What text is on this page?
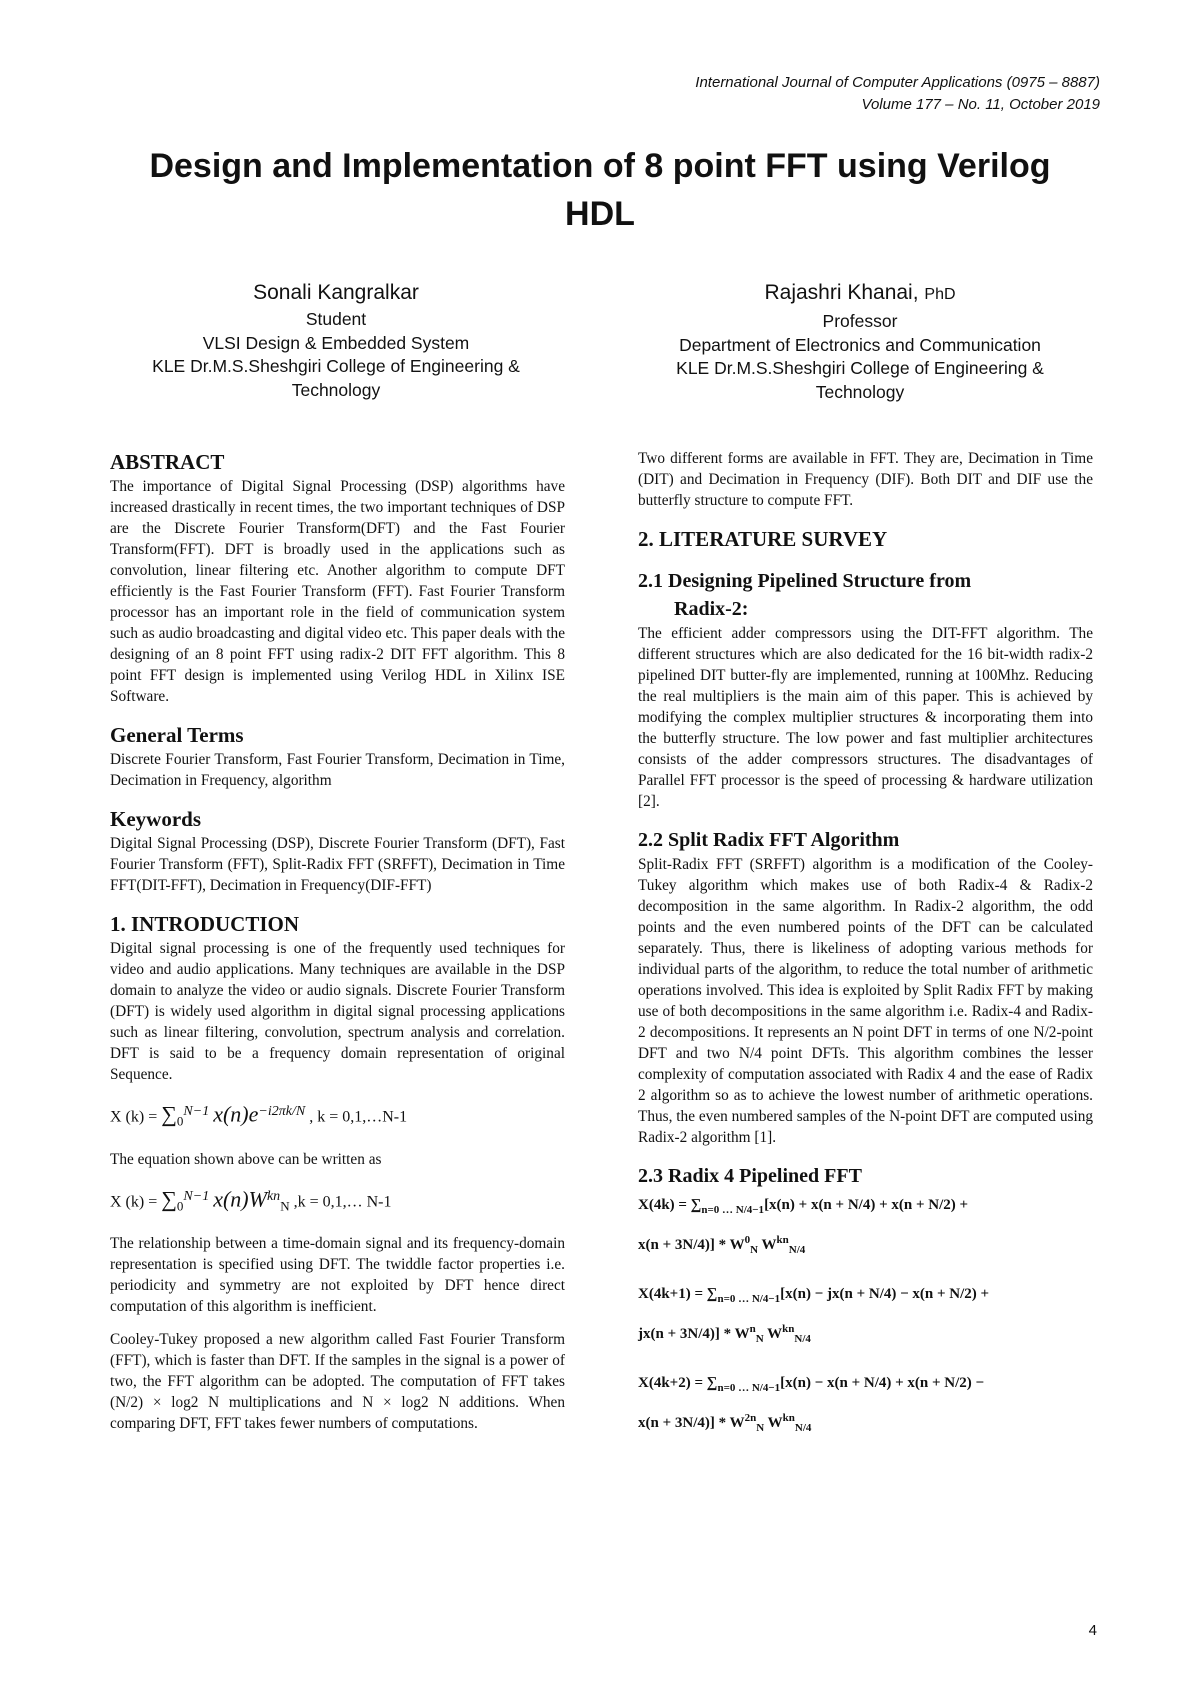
International Journal of Computer Applications (0975 – 8887)
Volume 177 – No. 11, October 2019
Design and Implementation of 8 point FFT using Verilog
HDL
Sonali Kangralkar
Student
VLSI Design & Embedded System
KLE Dr.M.S.Sheshgiri College of Engineering &
Technology
Rajashri Khanai, PhD
Professor
Department of Electronics and Communication
KLE Dr.M.S.Sheshgiri College of Engineering &
Technology
ABSTRACT

The importance of Digital Signal Processing (DSP) algorithms have increased drastically in recent times, the two important techniques of DSP are the Discrete Fourier Transform(DFT) and the Fast Fourier Transform(FFT). DFT is broadly used in the applications such as convolution, linear filtering etc. Another algorithm to compute DFT efficiently is the Fast Fourier Transform (FFT). Fast Fourier Transform processor has an important role in the field of communication system such as audio broadcasting and digital video etc. This paper deals with the designing of an 8 point FFT using radix-2 DIT FFT algorithm. This 8 point FFT design is implemented using Verilog HDL in Xilinx ISE Software.

General Terms

Discrete Fourier Transform, Fast Fourier Transform, Decimation in Time, Decimation in Frequency, algorithm

Keywords

Digital Signal Processing (DSP), Discrete Fourier Transform (DFT), Fast Fourier Transform (FFT), Split-Radix FFT (SRFFT), Decimation in Time FFT(DIT-FFT), Decimation in Frequency(DIF-FFT)

1. INTRODUCTION

Digital signal processing is one of the frequently used techniques for video and audio applications. Many techniques are available in the DSP domain to analyze the video or audio signals. Discrete Fourier Transform (DFT) is widely used algorithm in digital signal processing applications such as linear filtering, convolution, spectrum analysis and correlation. DFT is said to be a frequency domain representation of original Sequence.

X $(k) = \sum_0^{N-1}$ $x(n)e^{-i2\pi k/N}$ , k = 0,1,…N-1

The equation shown above can be written as

X $(k) = \sum_0^{N-1}$ $x(n)W^{kn}_N$ ,k = 0,1,… N-1

The relationship between a time-domain signal and its frequency-domain representation is specified using DFT. The twiddle factor properties i.e. periodicity and symmetry are not exploited by DFT hence direct computation of this algorithm is inefficient.

Cooley-Tukey proposed a new algorithm called Fast Fourier Transform (FFT), which is faster than DFT. If the samples in the signal is a power of two, the FFT algorithm can be adopted. The computation of FFT takes (N/2) × log2 N multiplications and N × log2 N additions. When comparing DFT, FFT takes fewer numbers of computations.

Two different forms are available in FFT. They are, Decimation in Time (DIT) and Decimation in Frequency (DIF). Both DIT and DIF use the butterfly structure to compute FFT.

2. LITERATURE SURVEY
2.1 Designing Pipelined Structure from
Radix-2:

The efficient adder compressors using the DIT-FFT algorithm. The different structures which are also dedicated for the 16 bit-width radix-2 pipelined DIT butter-fly are implemented, running at 100Mhz. Reducing the real multipliers is the main aim of this paper. This is achieved by modifying the complex multiplier structures & incorporating them into the butterfly structure. The low power and fast multiplier architectures consists of the adder compressors structures. The disadvantages of Parallel FFT processor is the speed of processing & hardware utilization [2].

2.2 Split Radix FFT Algorithm

Split-Radix FFT (SRFFT) algorithm is a modification of the Cooley-Tukey algorithm which makes use of both Radix-4 & Radix-2 decomposition in the same algorithm. In Radix-2 algorithm, the odd points and the even numbered points of the DFT can be calculated separately. Thus, there is likeliness of adopting various methods for individual parts of the algorithm, to reduce the total number of arithmetic operations involved. This idea is exploited by Split Radix FFT by making use of both decompositions in the same algorithm i.e. Radix-4 and Radix-2 decompositions. It represents an N point DFT in terms of one N/2-point DFT and two N/4 point DFTs. This algorithm combines the lesser complexity of computation associated with Radix 4 and the ease of Radix 2 algorithm so as to achieve the lowest number of arithmetic operations. Thus, the even numbered samples of the N-point DFT are computed using Radix-2 algorithm [1].

2.3 Radix 4 Pipelined FFT
$X(4k) = \sum_{n=0 \dots N/4-1}[x(n) + x(n + N/4) + x(n + N/2)$ +
$x(n + 3N/4)] * W^0_N$ $W^{kn}_{N/4}$
$X(4k+1) = \sum_{n=0 \dots N/4-1}[x(n) - jx(n + N/4) - x(n + N/2)$ +
$jx(n + 3N/4)] * W^n_N$ $W^{kn}_{N/4}$
$X(4k+2) = \sum_{n=0 \dots N/4-1}[x(n) - x(n + N/4) + x(n + N/2)$ −
$x(n + 3N/4)] * W^{2n}_N$ $W^{kn}_{N/4}$
4
